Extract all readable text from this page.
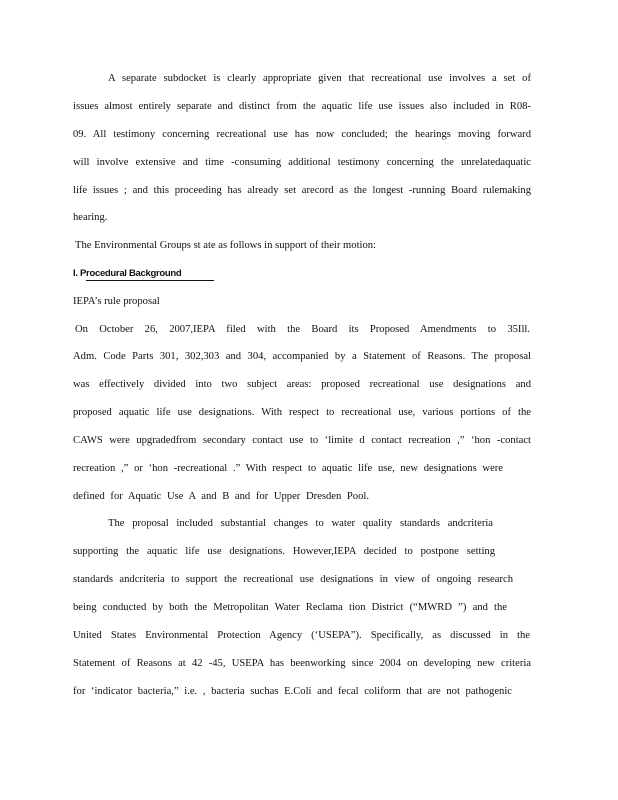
A separate subdocket is clearly appropriate given that recreational use involves a set of
issues almost entirely separate and distinct from the aquatic life use issues also included in R08-
09. All testimony concerning recreational use has now concluded; the hearings moving forward
will involve extensive and time -consuming additional testimony concerning the unrelatedaquatic
life issues ; and this proceeding has already set arecord as the longest -running Board rulemaking
hearing.
The Environmental Groups st ate as follows in support of their motion:
I. Procedural Background
IEPA’s rule proposal
On October 26, 2007,IEPA filed with the Board its Proposed Amendments to 35Ill.
Adm. Code Parts 301, 302,303 and 304, accompanied by a Statement of Reasons. The proposal
was effectively divided into two subject areas: proposed recreational use designations and
proposed aquatic life use designations. With respect to recreational use, various portions of the
CAWS were upgradedfrom secondary contact use to ‘limite d contact recreation ,” ‘hon -contact
recreation ,” or ‘hon -recreational .” With respect to aquatic life use, new designations were
defined for Aquatic Use A and B and for Upper Dresden Pool.
The proposal included substantial changes to water quality standards andcriteria
supporting the aquatic life use designations. However,IEPA decided to postpone setting
standards andcriteria to support the recreational use designations in view of ongoing research
being conducted by both the Metropolitan Water Reclama tion District (“MWRD ”) and the
United States Environmental Protection Agency (‘USEPA”). Specifically, as discussed in the
Statement of Reasons at 42 -45, USEPA has beenworking since 2004 on developing new criteria
for ‘indicator bacteria,” i.e. , bacteria suchas E.Coli and fecal coliform that are not pathogenic
